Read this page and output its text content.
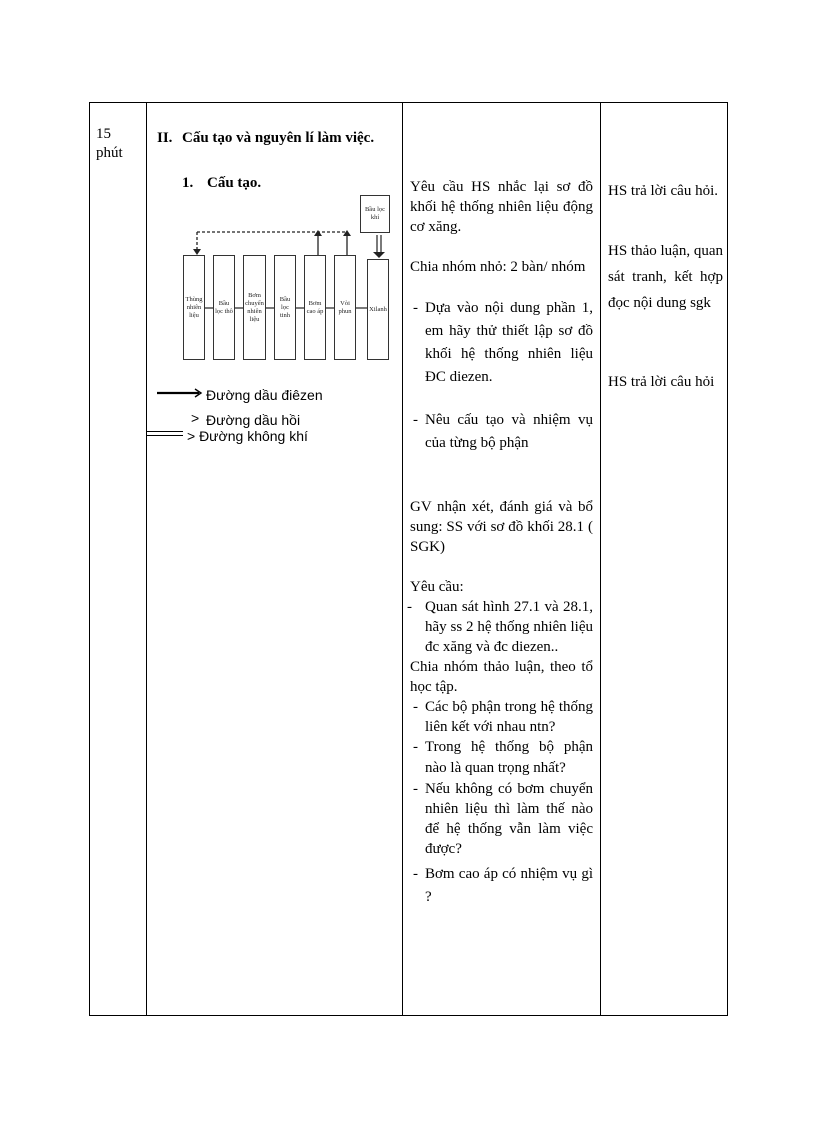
15
phút
II. Cấu tạo và nguyên lí làm việc.
1. Cấu tạo.
Bầu lọc khí
Thùng nhiên liệu
Bầu lọc thô
Bơm chuyển nhiên liệu
Bầu lọc tinh
Bơm cao áp
Vòi phun	Xilanh
Đường dầu điêzen
> Đường dầu hồi
> Đường không khí
Yêu cầu HS nhắc lại sơ đồ khối hệ thống nhiên liệu động cơ xăng.
Chia nhóm nhỏ: 2 bàn/ nhóm
- Dựa vào nội dung phần 1, em hãy thử thiết lập sơ đồ khối hệ thống nhiên liệu ĐC diezen.
- Nêu cấu tạo và nhiệm vụ của từng bộ phận
GV nhận xét, đánh giá và bổ sung: SS với sơ đồ khối 28.1 ( SGK)
Yêu cầu:
- Quan sát hình 27.1 và 28.1, hãy ss 2 hệ thống nhiên liệu đc xăng và đc diezen..
Chia nhóm thảo luận, theo tổ học tập.
- Các bộ phận trong hệ thống liên kết với nhau ntn?
- Trong hệ thống bộ phận nào là quan trọng nhất?
- Nếu không có bơm chuyển nhiên liệu thì làm thế nào để hệ thống vẫn làm việc được?
- Bơm cao áp có nhiệm vụ gì ?
HS trả lời câu hỏi.
HS thảo luận, quan sát tranh, kết hợp đọc nội dung sgk
HS trả lời câu hỏi
